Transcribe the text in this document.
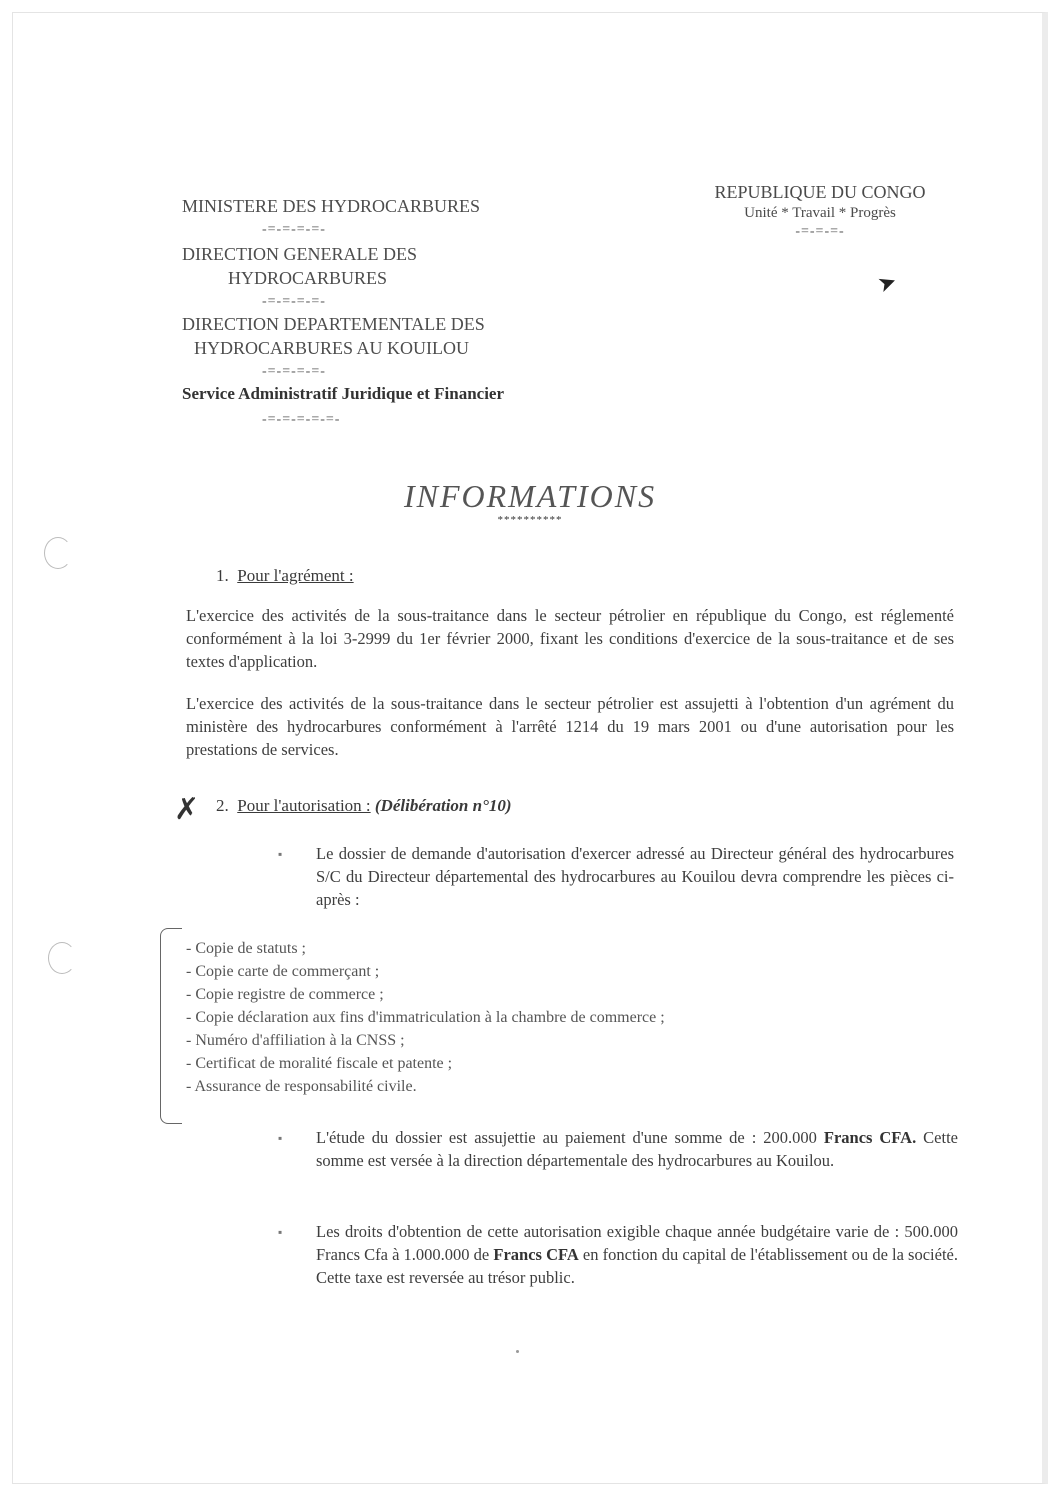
MINISTERE DES HYDROCARBURES
-=-=-=-=-
DIRECTION GENERALE DES
HYDROCARBURES
-=-=-=-=-
DIRECTION DEPARTEMENTALE DES
HYDROCARBURES AU KOUILOU
-=-=-=-=-
Service Administratif Juridique et Financier
-=-=-=-=-=-
REPUBLIQUE DU CONGO
Unité * Travail * Progrès
-=-=-=-
➤
INFORMATIONS
**********
1. Pour l'agrément :
L'exercice des activités de la sous-traitance dans le secteur pétrolier en république du Congo, est réglementé conformément à la loi 3-2999 du 1er février 2000, fixant les conditions d'exercice de la sous-traitance et de ses textes d'application.
L'exercice des activités de la sous-traitance dans le secteur pétrolier est assujetti à l'obtention d'un agrément du ministère des hydrocarbures conformément à l'arrêté 1214 du 19 mars 2001 ou d'une autorisation pour les prestations de services.
✗ 2. Pour l'autorisation : (Délibération n°10)
▪	Le dossier de demande d'autorisation d'exercer adressé au Directeur général des hydrocarbures S/C du Directeur départemental des hydrocarbures au Kouilou devra comprendre les pièces ci-après :
- Copie de statuts ;
- Copie carte de commerçant ;
- Copie registre de commerce ;
- Copie déclaration aux fins d'immatriculation à la chambre de commerce ;
- Numéro d'affiliation à la CNSS ;
- Certificat de moralité fiscale et patente ;
- Assurance de responsabilité civile.
▪	L'étude du dossier est assujettie au paiement d'une somme de : 200.000 Francs CFA. Cette somme est versée à la direction départementale des hydrocarbures au Kouilou.
▪	Les droits d'obtention de cette autorisation exigible chaque année budgétaire varie de : 500.000 Francs Cfa à 1.000.000 de Francs CFA en fonction du capital de l'établissement ou de la société. Cette taxe est reversée au trésor public.
